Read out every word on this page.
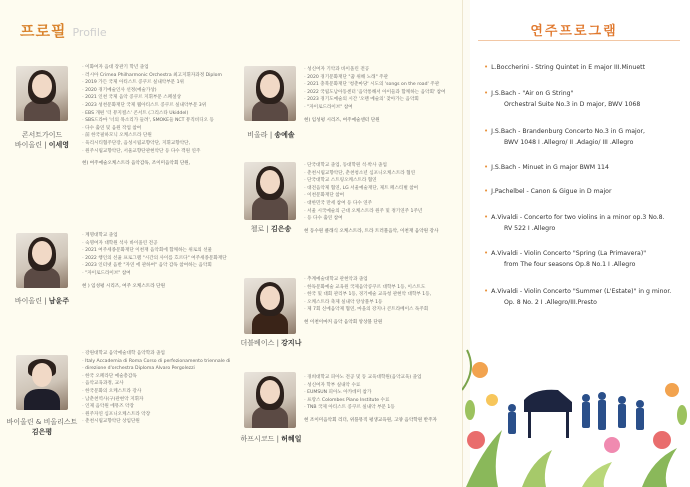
프로필 Profile
콘서트가이드
바이올린 | 이세영
- 이화여자 음대 장관기 학년 졸업
- 러시아 Crimea Philharmonic Orchestra 최고지휘자과정 Diplom
- 2019 가든 국제 아티스트 콩쿠르 실내악부문 1위
- 2020 경기예술인사 선정(예술가상)
- 2021 인천 국제 음악 콩쿠르 지휘부문 스페셜상
- 2023 성천문화재단 국제 웹아티스트 콩쿠르 실내악부문 3위
- EBS 개편 '더 뮤지컬스' 콘서트 (그리스타 Ukiddel)
- SBS드라마 '너의 목소리가 들려', SMOKE들 NCT 뮤직비디오 등
- 다수 출연 및 음원 작업 참여
- 前 한국필하모닉 오케스트라 단원
- 육리시티협주단장, 음성시립교향악단, 지휘교향악단,
- 원주시립교향악단, 서울교향단관현악단 등 다수 객원 연주
현) 여주예술오케스트라 음악감독, 조이미음악회 단원,
바이올린 | 남윤주
- 계명대학교 졸업
- 숙명여자 대학원 석사 바이올린 전공
- 2021 여주세종문화재단 이천재 음악회에 함께하는 위로의 선물
- 2022 행인의 선율 프로그램 "시간의 사이를 흐르다" 여주세종문화재단
- 2023 인터넷 음반 "자연 에 관하여" 음악 감독 참여하는 음악회
- "자이로드라이브" 참여
현 ) 임성평 시리즈, 여주 오케스트라 단원
바이올린 & 비올리스트
김은평
- 강원대학교 음악예술대학 음악학과 졸업
- Italy Accademia di Roma Corso di perfezionamento triennale di
- direzione d'orchestra Diploma Alvaro Pergolezzi
- 한국 오페라단 예술총감독
- 음악교육과정, 교사
- 한국문화의 오케스트라 강사
- 남춘천역사(구)관현악 지휘자
- 인제 음악원 에뮤즈 악장
- 원주자연 심포니오케스트라 악장
- 춘천시립교향악단 상임단원
비올라 | 송예솔
- 성신여자 기악과 바이올린 전공
- 2020 경기문화재단 "꿈 위해 노래" 주관
- 2021 충북문화재단 '청춘마당' 시도의 'songs on the road' 주관
- 2022 국립도남아동센터 '음악통해서 아이들과 함께하는 음악회' 참여
- 2023 경기도예술의 시간 '오랜 예술의' 찾아가는 음악회
- "자이로드라이브" 참여
현) 임성평 시리즈, 여주예술센터 단원
첼로 | 김은송
- 단국대학교 졸업, 동대학원 석·박사 졸업
- 춘천시립교향악단, 춘천청소년 심포니오케스트라 협연
- 단국대학교 스트링오케스트라 협연
- 대전음악제 협연, LG 서울예술재단, 제트 페스티벌 참여
- 이천문화재단 참여
- 대한민국 만세 참여 등 다수 연주
- 서울 시국예술의 근대 오케스트라 원주 및 정기연주 1주년
- 등 다수 출연 참여
현 동수원 클래식 오케스트라, 트라 트러블음악, 이천재 음악원 강사
더블베이스 | 강지나
- 추계예술대학교 관현악과 졸업
- 한독문화예술 교육원 국제음악콩쿠르 대학부 1등, 이스트도
- 한국 및 대회 관리부 1등, 경기예술 교육청 관현악 대학부 1등,
- 오케스트라 축제 실내악 앙상블부 1등
- 제 7회 신예음악제 협연, 마을의 강지나 콘트라베이스 독주회
현 이천이마커 음악 음악회 앙상블 단원
하프시코드 | 허혜일
- 경희대학교 피아노 전공 및 동 교육대학원(음악교육) 졸업
- 성신여자 학부 실내악 수료
- EUMSUN 피아노 아카데미 참가
- 프랑스 Colombes Piano Institute 수료
- TNB 국제 아티스트 콩쿠르 실내악 부문 1등
현 조이미음악회 리더, 위플뮤직 평생교육원, 고양 음악학원 반주자
연주프로그램
• L.Boccherini - String Quintet in E major III.Minuett
• J.S.Bach - "Air on G String"
Orchestral Suite No.3 in D major, BWV 1068
• J.S.Bach - Brandenburg Concerto No.3 in G major,
BWV 1048 I .Allegro/ II .Adagio/ III .Allegro
• J.S.Bach - Minuet in G major BWM 114
• J.Pachelbel - Canon & Gigue in D major
• A.Vivaldi - Concerto for two violins in a minor op.3 No.8.
RV 522 I .Allegro
• A.Vivaldi - Violin Concerto "Spring (La Primavera)"
from The four seasons Op.8 No.1 I .Allegro
• A.Vivaldi - Violin Concerto "Summer (L'Estate)" in g minor.
Op. 8 No. 2 I .Allegro/III.Presto
